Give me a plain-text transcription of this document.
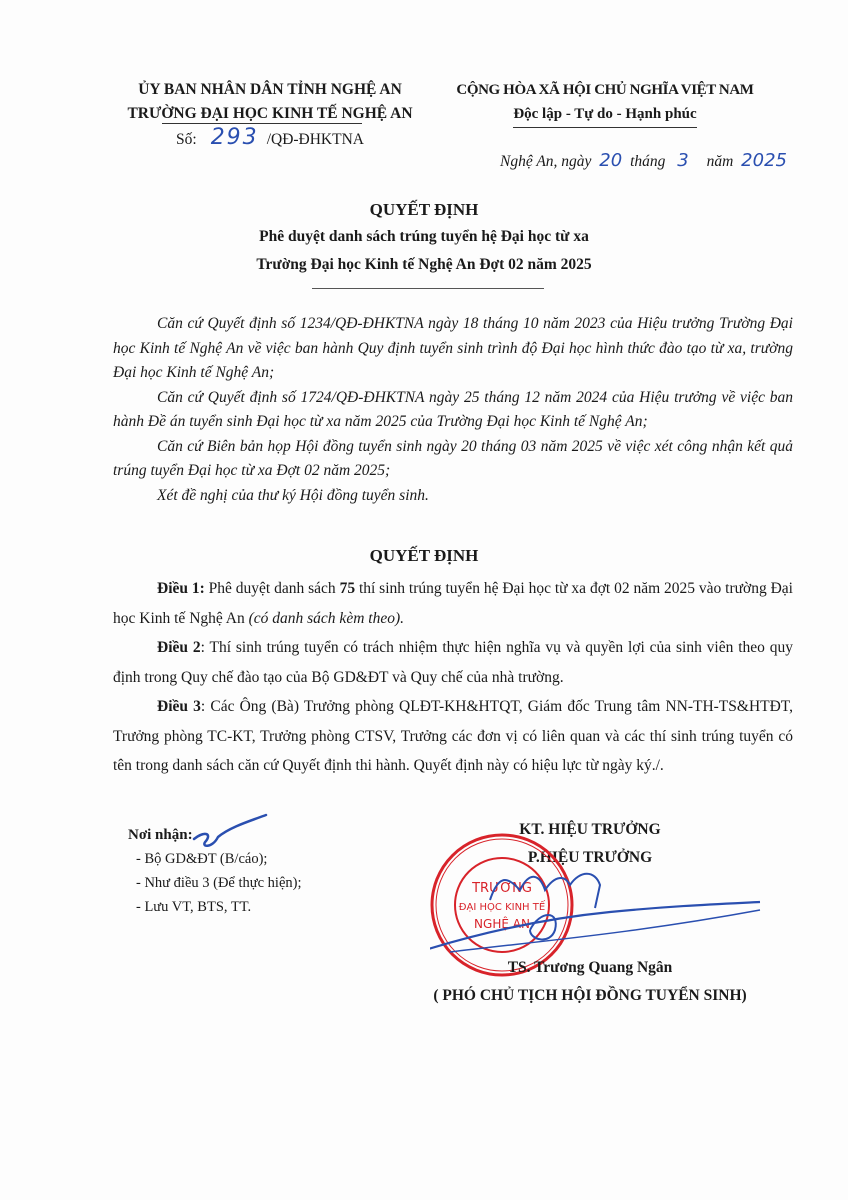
ỦY BAN NHÂN DÂN TỈNH NGHỆ AN
TRƯỜNG ĐẠI HỌC KINH TẾ NGHỆ AN
Số: 293 /QĐ-ĐHKTNA
CỘNG HÒA XÃ HỘI CHỦ NGHĨA VIỆT NAM
Độc lập - Tự do - Hạnh phúc
Nghệ An, ngày 20 tháng 3 năm 2025
QUYẾT ĐỊNH
Phê duyệt danh sách trúng tuyển hệ Đại học từ xa
Trường Đại học Kinh tế Nghệ An Đợt 02 năm 2025

Căn cứ Quyết định số 1234/QĐ-ĐHKTNA ngày 18 tháng 10 năm 2023 của Hiệu trưởng Trường Đại học Kinh tế Nghệ An về việc ban hành Quy định tuyển sinh trình độ Đại học hình thức đào tạo từ xa, trường Đại học Kinh tế Nghệ An;

Căn cứ Quyết định số 1724/QĐ-ĐHKTNA ngày 25 tháng 12 năm 2024 của Hiệu trưởng về việc ban hành Đề án tuyển sinh Đại học từ xa năm 2025 của Trường Đại học Kinh tế Nghệ An;

Căn cứ Biên bản họp Hội đồng tuyển sinh ngày 20 tháng 03 năm 2025 về việc xét công nhận kết quả trúng tuyển Đại học từ xa Đợt 02 năm 2025;

Xét đề nghị của thư ký Hội đồng tuyển sinh.

QUYẾT ĐỊNH

Điều 1: Phê duyệt danh sách 75 thí sinh trúng tuyển hệ Đại học từ xa đợt 02 năm 2025 vào trường Đại học Kinh tế Nghệ An (có danh sách kèm theo).

Điều 2: Thí sinh trúng tuyển có trách nhiệm thực hiện nghĩa vụ và quyền lợi của sinh viên theo quy định trong Quy chế đào tạo của Bộ GD&ĐT và Quy chế của nhà trường.

Điều 3: Các Ông (Bà) Trưởng phòng QLĐT-KH&HTQT, Giám đốc Trung tâm NN-TH-TS&HTĐT, Trưởng phòng TC-KT, Trưởng phòng CTSV, Trưởng các đơn vị có liên quan và các thí sinh trúng tuyển có tên trong danh sách căn cứ Quyết định thi hành. Quyết định này có hiệu lực từ ngày ký./.

Nơi nhận:
- Bộ GD&ĐT (B/cáo);
- Như điều 3 (Để thực hiện);
- Lưu VT, BTS, TT.
KT. HIỆU TRƯỞNG
P.HIỆU TRƯỞNG
TRƯỜNG
ĐẠI HỌC KINH TẾ
NGHỆ AN
TS. Trương Quang Ngân
( PHÓ CHỦ TỊCH HỘI ĐỒNG TUYỂN SINH)
